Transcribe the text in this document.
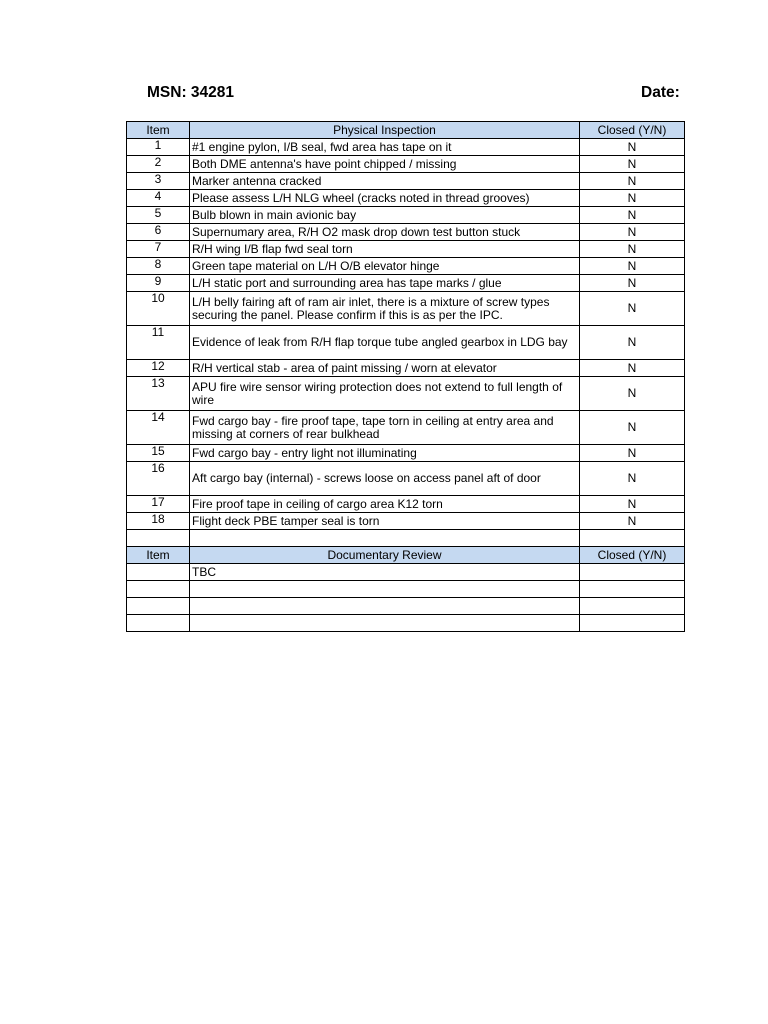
MSN: 34281	Date:
Item	Physical Inspection	Closed (Y/N)
1	#1 engine pylon, I/B seal, fwd area has tape on it	N
2	Both DME antenna's have point chipped / missing	N
3	Marker antenna cracked	N
4	Please assess L/H NLG wheel (cracks noted in thread grooves)	N
5	Bulb blown in main avionic bay	N
6	Supernumary area, R/H O2 mask drop down test button stuck	N
7	R/H wing I/B flap fwd seal torn	N
8	Green tape material on L/H O/B elevator hinge	N
9	L/H static port and surrounding area has tape marks / glue	N
10	L/H belly fairing aft of ram air inlet, there is a mixture of screw types securing the panel. Please confirm if this is as per the IPC.	N
11	Evidence of leak from R/H flap torque tube angled gearbox in LDG bay	N
12	R/H vertical stab - area of paint missing / worn at elevator	N
13	APU fire wire sensor wiring protection does not extend to full length of wire	N
14	Fwd cargo bay - fire proof tape, tape torn in ceiling at entry area and missing at corners of rear bulkhead	N
15	Fwd cargo bay - entry light not illuminating	N
16	Aft cargo bay (internal) - screws loose on access panel aft of door	N
17	Fire proof tape in ceiling of cargo area K12 torn	N
18	Flight deck PBE tamper seal is torn	N

Item	Documentary Review	Closed (Y/N)
	TBC	
